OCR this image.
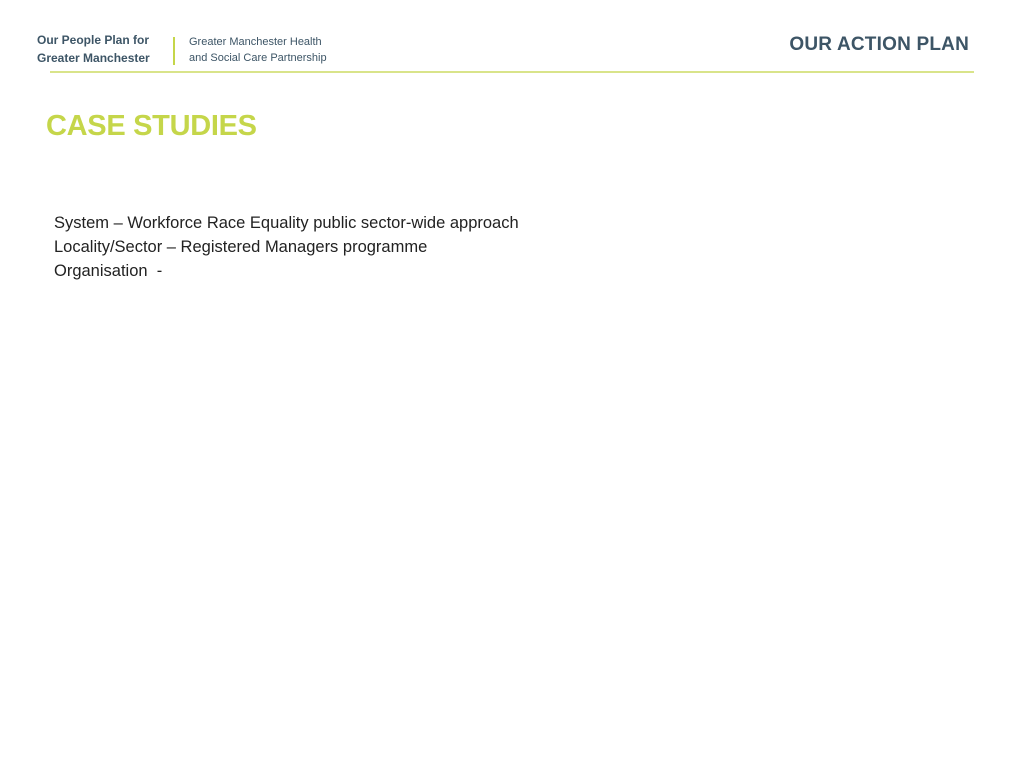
Our People Plan for
Greater Manchester
Greater Manchester Health
and Social Care Partnership
OUR ACTION PLAN
CASE STUDIES
System – Workforce Race Equality public sector-wide approach
Locality/Sector – Registered Managers programme
Organisation  -
